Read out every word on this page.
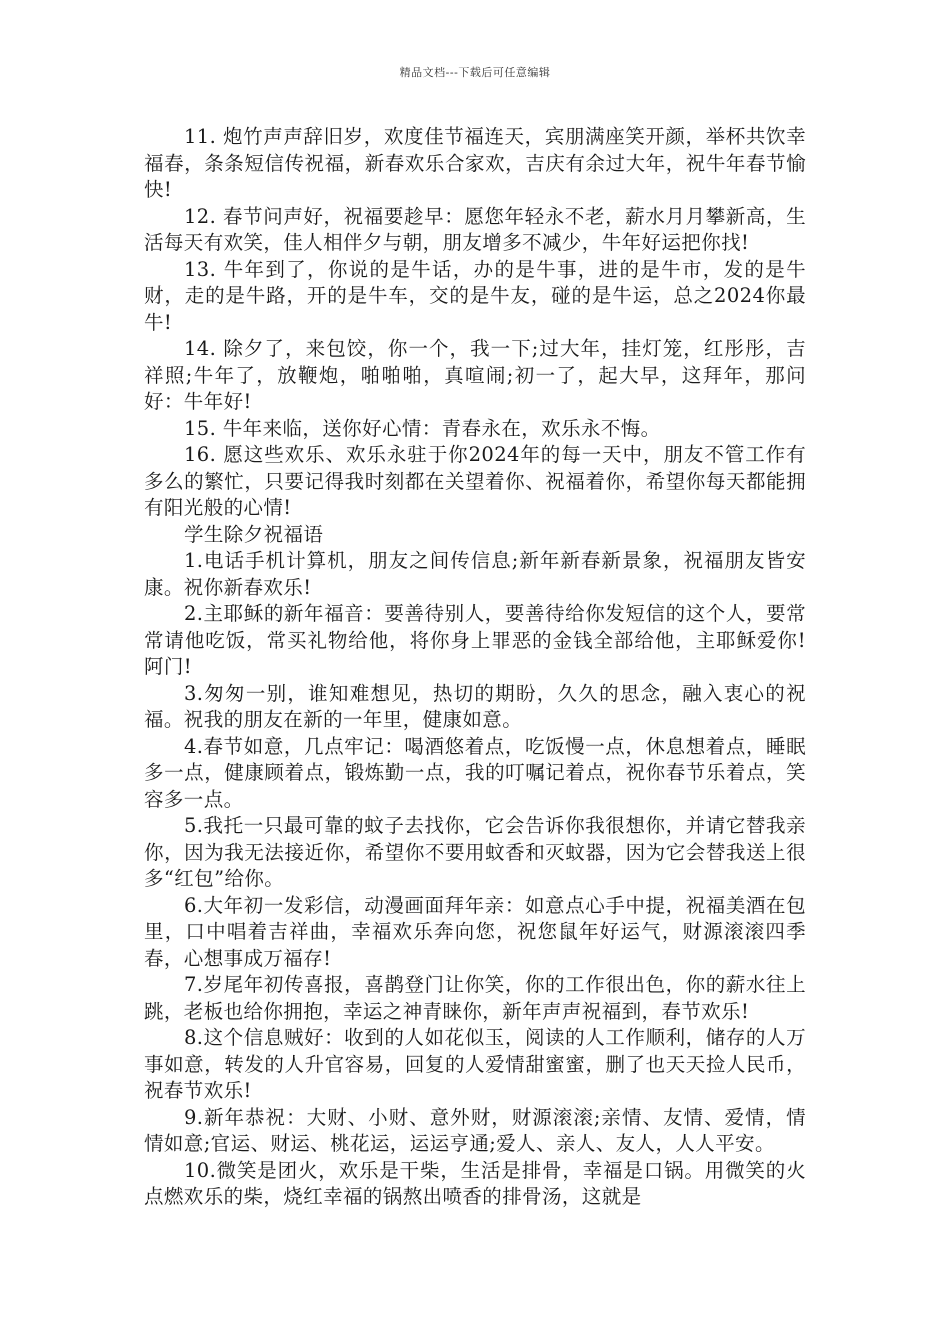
精品文档---下载后可任意编辑

11. 炮竹声声辞旧岁，欢度佳节福连天，宾朋满座笑开颜，举杯共饮幸福春，条条短信传祝福，新春欢乐合家欢，吉庆有余过大年，祝牛年春节愉快!

12. 春节问声好，祝福要趁早：愿您年轻永不老，薪水月月攀新高，生活每天有欢笑，佳人相伴夕与朝，朋友增多不减少，牛年好运把你找!

13. 牛年到了，你说的是牛话，办的是牛事，进的是牛市，发的是牛财，走的是牛路，开的是牛车，交的是牛友，碰的是牛运，总之2024你最牛!

14. 除夕了，来包饺，你一个，我一下;过大年，挂灯笼，红彤彤，吉祥照;牛年了，放鞭炮，啪啪啪，真喧闹;初一了，起大早，这拜年，那问好：牛年好!

15. 牛年来临，送你好心情：青春永在，欢乐永不悔。

16. 愿这些欢乐、欢乐永驻于你2024年的每一天中，朋友不管工作有多么的繁忙，只要记得我时刻都在关望着你、祝福着你，希望你每天都能拥有阳光般的心情!

学生除夕祝福语

1.电话手机计算机，朋友之间传信息;新年新春新景象，祝福朋友皆安康。祝你新春欢乐!

2.主耶稣的新年福音：要善待别人，要善待给你发短信的这个人，要常常请他吃饭，常买礼物给他，将你身上罪恶的金钱全部给他，主耶稣爱你!阿门!

3.匆匆一别，谁知难想见，热切的期盼，久久的思念，融入衷心的祝福。祝我的朋友在新的一年里，健康如意。

4.春节如意，几点牢记：喝酒悠着点，吃饭慢一点，休息想着点，睡眠多一点，健康顾着点，锻炼勤一点，我的叮嘱记着点，祝你春节乐着点，笑容多一点。

5.我托一只最可靠的蚊子去找你，它会告诉你我很想你，并请它替我亲你，因为我无法接近你，希望你不要用蚊香和灭蚊器，因为它会替我送上很多“红包”给你。

6.大年初一发彩信，动漫画面拜年亲：如意点心手中提，祝福美酒在包里，口中唱着吉祥曲，幸福欢乐奔向您，祝您鼠年好运气，财源滚滚四季春，心想事成万福存!

7.岁尾年初传喜报，喜鹊登门让你笑，你的工作很出色，你的薪水往上跳，老板也给你拥抱，幸运之神青睐你，新年声声祝福到，春节欢乐!

8.这个信息贼好：收到的人如花似玉，阅读的人工作顺利，储存的人万事如意，转发的人升官容易，回复的人爱情甜蜜蜜，删了也天天捡人民币，祝春节欢乐!

9.新年恭祝：大财、小财、意外财，财源滚滚;亲情、友情、爱情，情情如意;官运、财运、桃花运，运运亨通;爱人、亲人、友人，人人平安。

10.微笑是团火，欢乐是干柴，生活是排骨，幸福是口锅。用微笑的火点燃欢乐的柴，烧红幸福的锅熬出喷香的排骨汤，这就是
